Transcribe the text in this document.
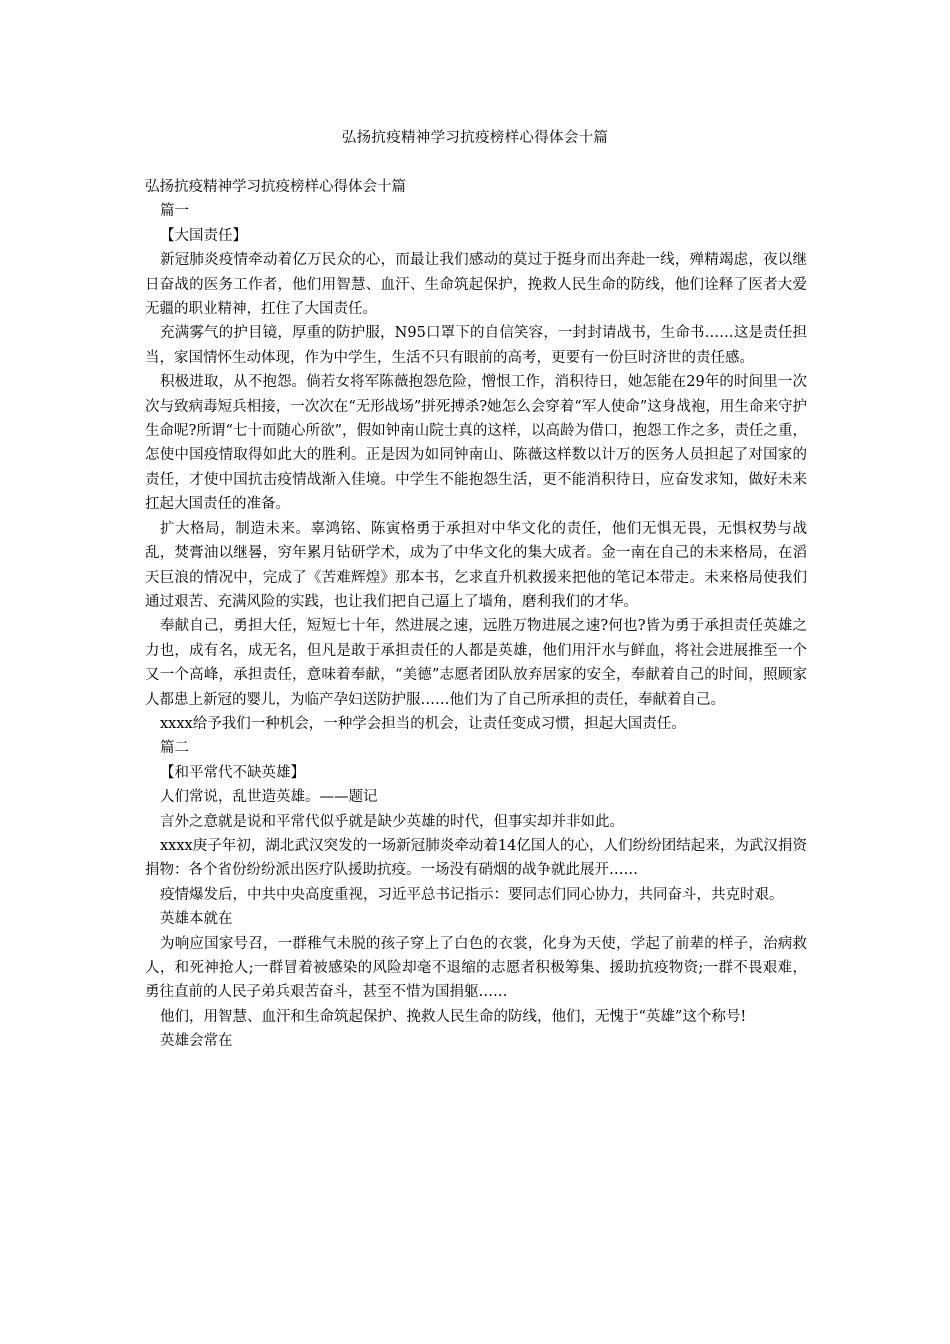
弘扬抗疫精神学习抗疫榜样心得体会十篇

弘扬抗疫精神学习抗疫榜样心得体会十篇

篇一

【大国责任】

新冠肺炎疫情牵动着亿万民众的心，而最让我们感动的莫过于挺身而出奔赴一线，殚精竭虑，夜以继日奋战的医务工作者，他们用智慧、血汗、生命筑起保护，挽救人民生命的防线，他们诠释了医者大爱无疆的职业精神，扛住了大国责任。

充满雾气的护目镜，厚重的防护服，N95口罩下的自信笑容，一封封请战书，生命书……这是责任担当，家国情怀生动体现，作为中学生，生活不只有眼前的高考，更要有一份巨时济世的责任感。

积极进取，从不抱怨。倘若女将军陈薇抱怨危险，憎恨工作，消积待日，她怎能在29年的时间里一次次与致病毒短兵相接，一次次在“无形战场”拼死搏杀?她怎么会穿着“军人使命”这身战袍，用生命来守护生命呢?所谓“七十而随心所欲”，假如钟南山院士真的这样，以高龄为借口，抱怨工作之多，责任之重，怎使中国疫情取得如此大的胜利。正是因为如同钟南山、陈薇这样数以计万的医务人员担起了对国家的责任，才使中国抗击疫情战渐入佳境。中学生不能抱怨生活，更不能消积待日，应奋发求知，做好未来扛起大国责任的准备。

扩大格局，制造未来。辜鸿铭、陈寅格勇于承担对中华文化的责任，他们无惧无畏，无惧权势与战乱，焚膏油以继晷，穷年累月钻研学术，成为了中华文化的集大成者。金一南在自己的未来格局，在滔天巨浪的情况中，完成了《苦难辉煌》那本书，乞求直升机救援来把他的笔记本带走。未来格局使我们通过艰苦、充满风险的实践，也让我们把自己逼上了墙角，磨利我们的才华。

奉献自己，勇担大任，短短七十年，然进展之速，远胜万物进展之速?何也?皆为勇于承担责任英雄之力也，成有名，成无名，但凡是敢于承担责任的人都是英雄，他们用汗水与鲜血，将社会进展推至一个又一个高峰，承担责任，意味着奉献，“美德”志愿者团队放弃居家的安全，奉献着自己的时间，照顾家人都患上新冠的婴儿，为临产孕妇送防护服……他们为了自己所承担的责任，奉献着自己。

xxxx给予我们一种机会，一种学会担当的机会，让责任变成习惯，担起大国责任。

篇二

【和平常代不缺英雄】

人们常说，乱世造英雄。——题记

言外之意就是说和平常代似乎就是缺少英雄的时代，但事实却并非如此。

xxxx庚子年初，湖北武汉突发的一场新冠肺炎牵动着14亿国人的心，人们纷纷团结起来，为武汉捐资捐物：各个省份纷纷派出医疗队援助抗疫。一场没有硝烟的战争就此展开……

疫情爆发后，中共中央高度重视，习近平总书记指示：要同志们同心协力，共同奋斗，共克时艰。

英雄本就在

为响应国家号召，一群稚气未脱的孩子穿上了白色的衣裳，化身为天使，学起了前辈的样子，治病救人，和死神抢人;一群冒着被感染的风险却毫不退缩的志愿者积极筹集、援助抗疫物资;一群不畏艰难，勇往直前的人民子弟兵艰苦奋斗，甚至不惜为国捐躯……

他们，用智慧、血汗和生命筑起保护、挽救人民生命的防线，他们，无愧于“英雄”这个称号!

英雄会常在
